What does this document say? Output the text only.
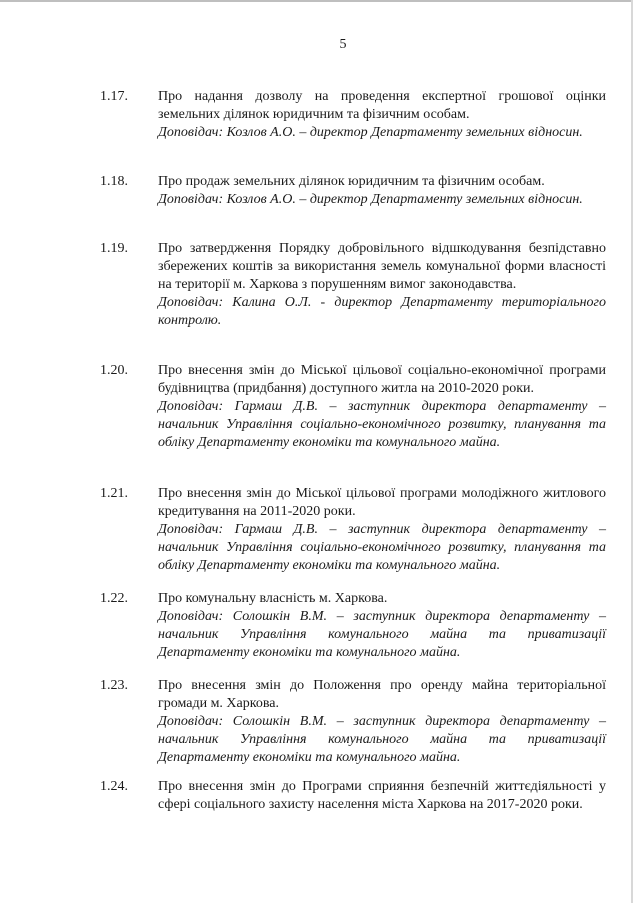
5
1.17. Про надання дозволу на проведення експертної грошової оцінки земельних ділянок юридичним та фізичним особам.

Доповідач: Козлов А.О. – директор Департаменту земельних відносин.

1.18. Про продаж земельних ділянок юридичним та фізичним особам.

Доповідач: Козлов А.О. – директор Департаменту земельних відносин.

1.19. Про затвердження Порядку добровільного відшкодування безпідставно збережених коштів за використання земель комунальної форми власності на території м. Харкова з порушенням вимог законодавства.

Доповідач: Калина О.Л. - директор Департаменту територіального контролю.

1.20. Про внесення змін до Міської цільової соціально-економічної програми будівництва (придбання) доступного житла на 2010-2020 роки.

Доповідач: Гармаш Д.В. – заступник директора департаменту – начальник Управління соціально-економічного розвитку, планування та обліку Департаменту економіки та комунального майна.

1.21. Про внесення змін до Міської цільової програми молодіжного житлового кредитування на 2011-2020 роки.

Доповідач: Гармаш Д.В. – заступник директора департаменту – начальник Управління соціально-економічного розвитку, планування та обліку Департаменту економіки та комунального майна.

1.22. Про комунальну власність м. Харкова.

Доповідач: Солошкін В.М. – заступник директора департаменту – начальник Управління комунального майна та приватизації Департаменту економіки та комунального майна.

1.23. Про внесення змін до Положення про оренду майна територіальної громади м. Харкова.

Доповідач: Солошкін В.М. – заступник директора департаменту – начальник Управління комунального майна та приватизації Департаменту економіки та комунального майна.

1.24. Про внесення змін до Програми сприяння безпечній життєдіяльності у сфері соціального захисту населення міста Харкова на 2017-2020 роки.
